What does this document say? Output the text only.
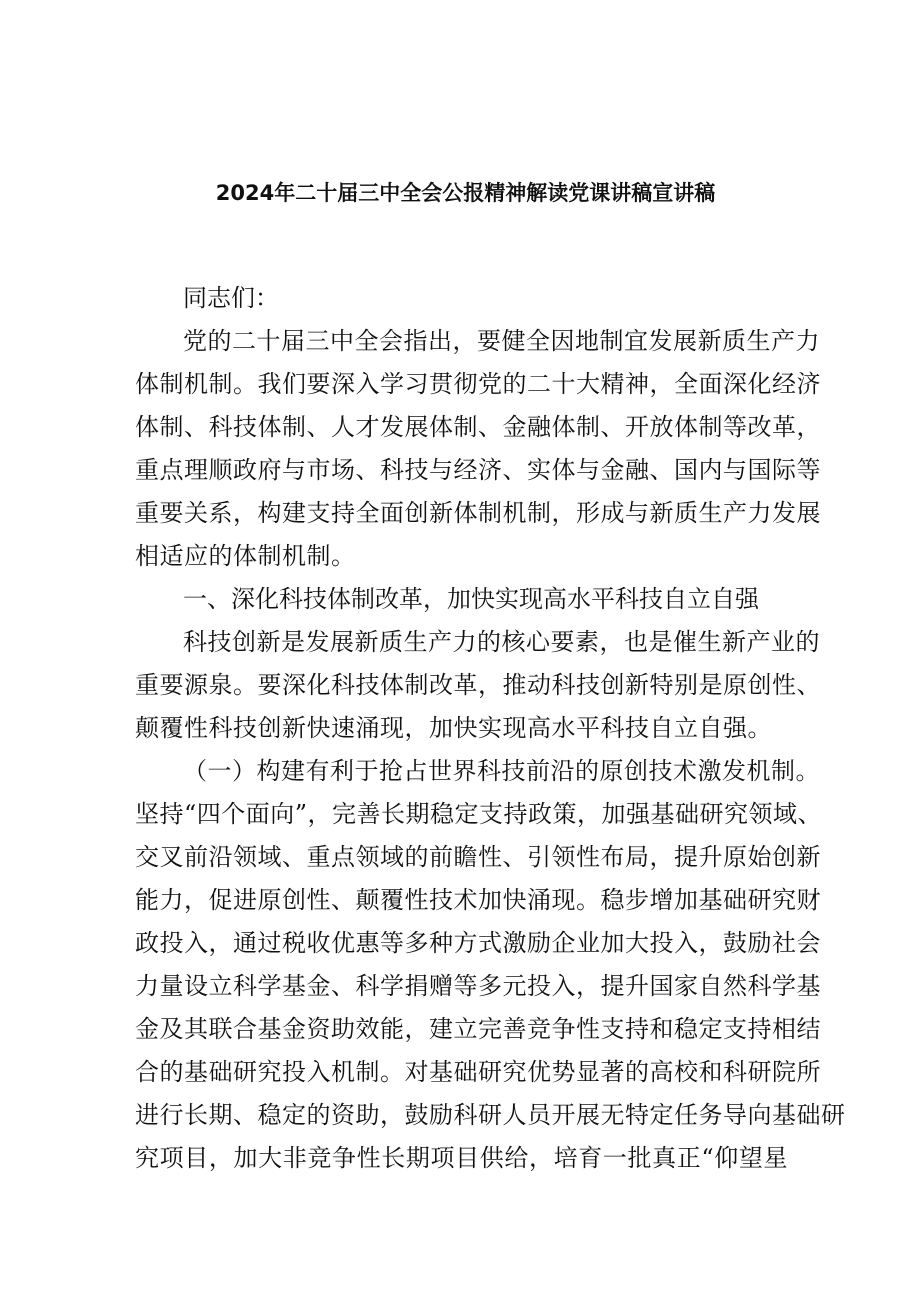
2024年二十届三中全会公报精神解读党课讲稿宣讲稿
同志们：
党的二十届三中全会指出，要健全因地制宜发展新质生产力
体制机制。我们要深入学习贯彻党的二十大精神，全面深化经济
体制、科技体制、人才发展体制、金融体制、开放体制等改革，
重点理顺政府与市场、科技与经济、实体与金融、国内与国际等
重要关系，构建支持全面创新体制机制，形成与新质生产力发展
相适应的体制机制。
一、深化科技体制改革，加快实现高水平科技自立自强
科技创新是发展新质生产力的核心要素，也是催生新产业的
重要源泉。要深化科技体制改革，推动科技创新特别是原创性、
颠覆性科技创新快速涌现，加快实现高水平科技自立自强。
（一）构建有利于抢占世界科技前沿的原创技术激发机制。
坚持“四个面向”，完善长期稳定支持政策，加强基础研究领域、
交叉前沿领域、重点领域的前瞻性、引领性布局，提升原始创新
能力，促进原创性、颠覆性技术加快涌现。稳步增加基础研究财
政投入，通过税收优惠等多种方式激励企业加大投入，鼓励社会
力量设立科学基金、科学捐赠等多元投入，提升国家自然科学基
金及其联合基金资助效能，建立完善竞争性支持和稳定支持相结
合的基础研究投入机制。对基础研究优势显著的高校和科研院所
进行长期、稳定的资助，鼓励科研人员开展无特定任务导向基础研
究项目，加大非竞争性长期项目供给，培育一批真正“仰望星
